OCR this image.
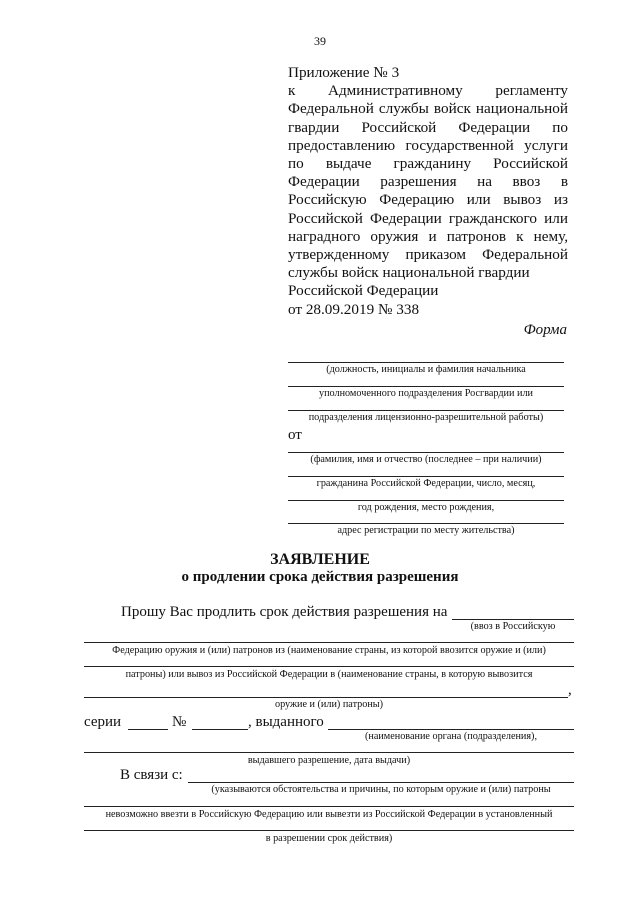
39

Приложение № 3

к Административному регламенту Федеральной службы войск национальной гвардии Российской Федерации по предоставлению государственной услуги по выдаче гражданину Российской Федерации разрешения на ввоз в Российскую Федерацию или вывоз из Российской Федерации гражданского или наградного оружия и патронов к нему, утвержденному приказом Федеральной службы войск национальной гвардии

Российской Федерации

от 28.09.2019 № 338

Форма
(должность, инициалы и фамилия начальника
уполномоченного подразделения Росгвардии или
подразделения лицензионно-разрешительной работы)
от
(фамилия, имя и отчество (последнее – при наличии)
гражданина Российской Федерации, число, месяц,
год рождения, место рождения,
адрес регистрации по месту жительства)
ЗАЯВЛЕНИЕ
о продлении срока действия разрешения
Прошу Вас продлить срок действия разрешения на
(ввоз в Российскую
Федерацию оружия и (или) патронов из (наименование страны, из которой ввозится оружие и (или)
патроны) или вывоз из Российской Федерации в (наименование страны, в которую вывозится
,
оружие и (или) патроны)
серии	№	, выданного
(наименование органа (подразделения),
выдавшего разрешение, дата выдачи)
В связи с:
(указываются обстоятельства и причины, по которым оружие и (или) патроны
невозможно ввезти в Российскую Федерацию или вывезти из Российской Федерации в установленный
в разрешении срок действия)
